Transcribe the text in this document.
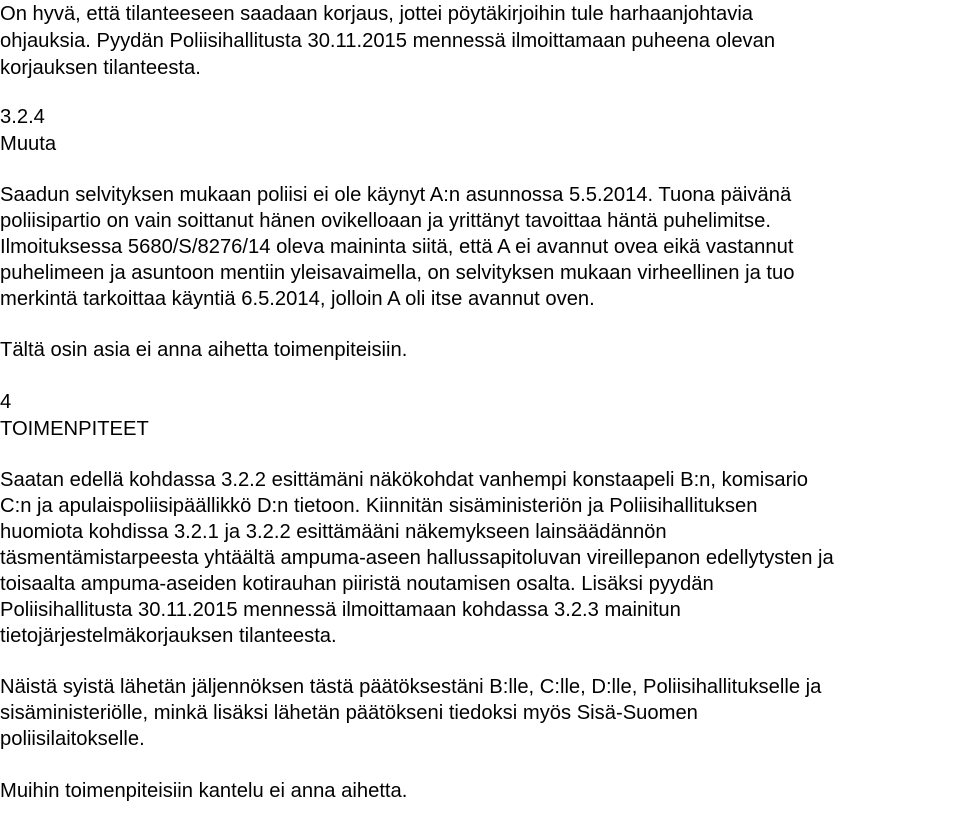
On hyvä, että tilanteeseen saadaan korjaus, jottei pöytäkirjoihin tule harhaanjohtavia
ohjauksia. Pyydän Poliisihallitusta 30.11.2015 mennessä ilmoittamaan puheena olevan
korjauksen tilanteesta.
3.2.4
Muuta
Saadun selvityksen mukaan poliisi ei ole käynyt A:n asunnossa 5.5.2014. Tuona päivänä
poliisipartio on vain soittanut hänen ovikelloaan ja yrittänyt tavoittaa häntä puhelimitse.
Ilmoituksessa 5680/S/8276/14 oleva maininta siitä, että A ei avannut ovea eikä vastannut
puhelimeen ja asuntoon mentiin yleisavaimella, on selvityksen mukaan virheellinen ja tuo
merkintä tarkoittaa käyntiä 6.5.2014, jolloin A oli itse avannut oven.
Tältä osin asia ei anna aihetta toimenpiteisiin.
4
TOIMENPITEET
Saatan edellä kohdassa 3.2.2 esittämäni näkökohdat vanhempi konstaapeli B:n, komisario
C:n ja apulaispoliisipäällikkö D:n tietoon. Kiinnitän sisäministeriön ja Poliisihallituksen
huomiota kohdissa 3.2.1 ja 3.2.2 esittämääni näkemykseen lainsäädännön
täsmentämistarpeesta yhtäältä ampuma-aseen hallussapitoluvan vireillepanon edellytysten ja
toisaalta ampuma-aseiden kotirauhan piiristä noutamisen osalta. Lisäksi pyydän
Poliisihallitusta 30.11.2015 mennessä ilmoittamaan kohdassa 3.2.3 mainitun
tietojärjestelmäkorjauksen tilanteesta.
Näistä syistä lähetän jäljennöksen tästä päätöksestäni B:lle, C:lle, D:lle, Poliisihallitukselle ja
sisäministeriölle, minkä lisäksi lähetän päätökseni tiedoksi myös Sisä-Suomen
poliisilaitokselle.
Muihin toimenpiteisiin kantelu ei anna aihetta.
